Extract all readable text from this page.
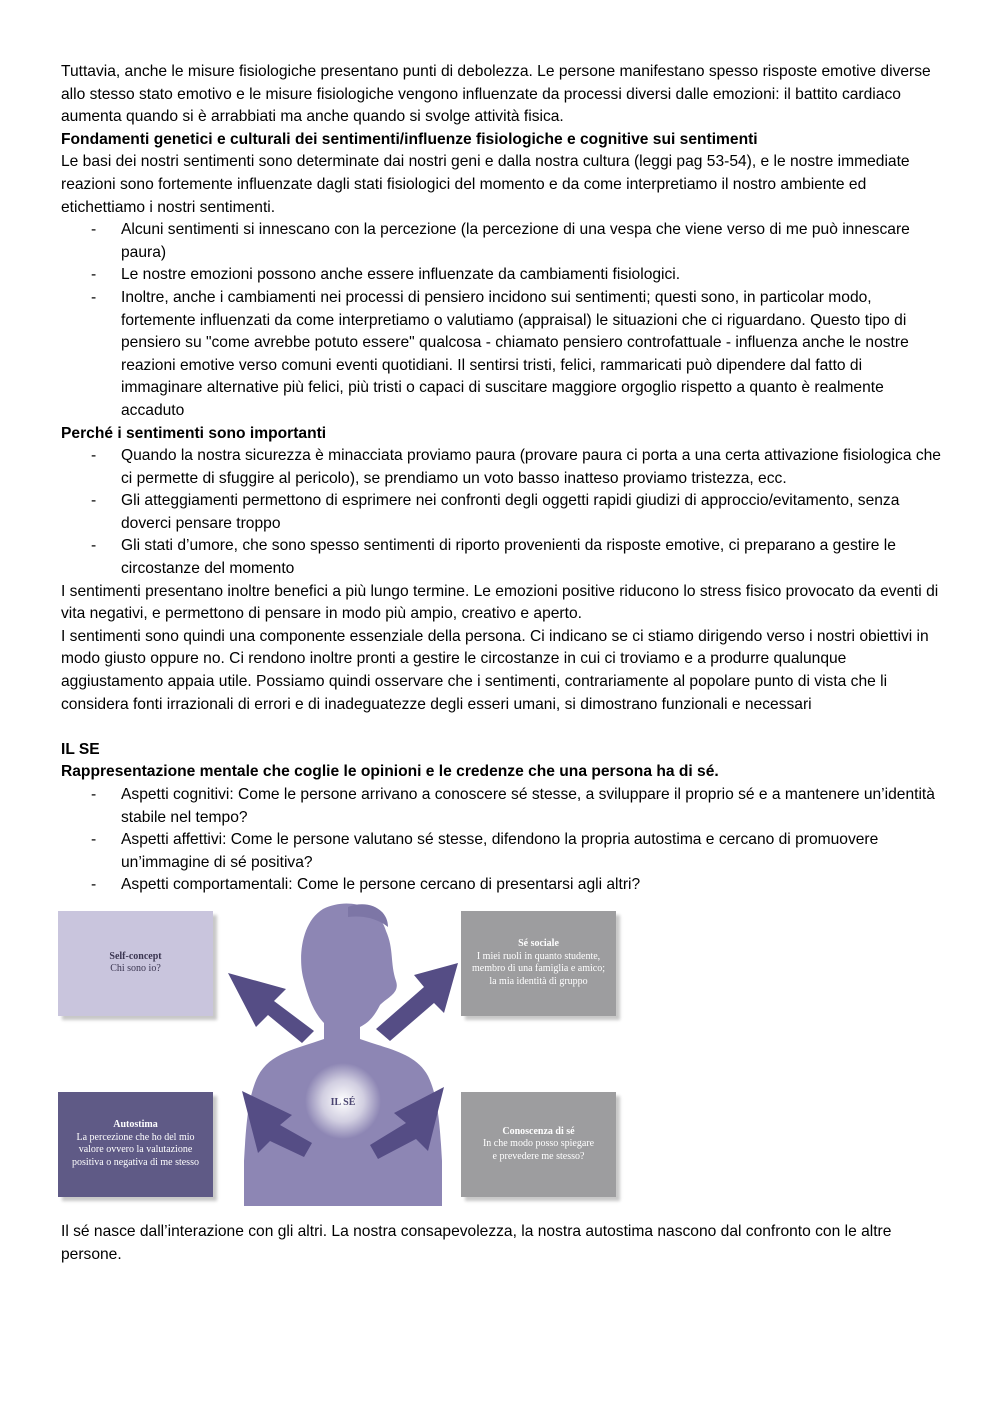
Tuttavia, anche le misure fisiologiche presentano punti di debolezza. Le persone manifestano spesso risposte emotive diverse allo stesso stato emotivo e le misure fisiologiche vengono influenzate da processi diversi dalle emozioni: il battito cardiaco aumenta quando si è arrabbiati ma anche quando si svolge attività fisica.

Fondamenti genetici e culturali dei sentimenti/influenze fisiologiche e cognitive sui sentimenti

Le basi dei nostri sentimenti sono determinate dai nostri geni e dalla nostra cultura (leggi pag 53-54), e le nostre immediate reazioni sono fortemente influenzate dagli stati fisiologici del momento e da come interpretiamo il nostro ambiente ed etichettiamo i nostri sentimenti.

- Alcuni sentimenti si innescano con la percezione (la percezione di una vespa che viene verso di me può innescare paura)
- Le nostre emozioni possono anche essere influenzate da cambiamenti fisiologici.
- Inoltre, anche i cambiamenti nei processi di pensiero incidono sui sentimenti; questi sono, in particolar modo, fortemente influenzati da come interpretiamo o valutiamo (appraisal) le situazioni che ci riguardano. Questo tipo di pensiero su "come avrebbe potuto essere" qualcosa - chiamato pensiero controfattuale - influenza anche le nostre reazioni emotive verso comuni eventi quotidiani. Il sentirsi tristi, felici, rammaricati può dipendere dal fatto di immaginare alternative più felici, più tristi o capaci di suscitare maggiore orgoglio rispetto a quanto è realmente accaduto

Perché i sentimenti sono importanti

- Quando la nostra sicurezza è minacciata proviamo paura (provare paura ci porta a una certa attivazione fisiologica che ci permette di sfuggire al pericolo), se prendiamo un voto basso inatteso proviamo tristezza, ecc.
- Gli atteggiamenti permettono di esprimere nei confronti degli oggetti rapidi giudizi di approccio/evitamento, senza doverci pensare troppo
- Gli stati d’umore, che sono spesso sentimenti di riporto provenienti da risposte emotive, ci preparano a gestire le circostanze del momento

I sentimenti presentano inoltre benefici a più lungo termine. Le emozioni positive riducono lo stress fisico provocato da eventi di vita negativi, e permettono di pensare in modo più ampio, creativo e aperto.

I sentimenti sono quindi una componente essenziale della persona. Ci indicano se ci stiamo dirigendo verso i nostri obiettivi in modo giusto oppure no. Ci rendono inoltre pronti a gestire le circostanze in cui ci troviamo e a produrre qualunque aggiustamento appaia utile. Possiamo quindi osservare che i sentimenti, contrariamente al popolare punto di vista che li considera fonti irrazionali di errori e di inadeguatezze degli esseri umani, si dimostrano funzionali e necessari

IL SE

Rappresentazione mentale che coglie le opinioni e le credenze che una persona ha di sé.

- Aspetti cognitivi: Come le persone arrivano a conoscere sé stesse, a sviluppare il proprio sé e a mantenere un’identità stabile nel tempo?
- Aspetti affettivi: Come le persone valutano sé stesse, difendono la propria autostima e cercano di promuovere un’immagine di sé positiva?
- Aspetti comportamentali: Come le persone cercano di presentarsi agli altri?
Self-concept
Chi sono io?
Sé sociale
I miei ruoli in quanto studente,
membro di una famiglia e amico;
la mia identità di gruppo
Autostima
La percezione che ho del mio
valore ovvero la valutazione
positiva o negativa di me stesso
Conoscenza di sé
In che modo posso spiegare
e prevedere me stesso?
IL SÉ

Il sé nasce dall’interazione con gli altri. La nostra consapevolezza, la nostra autostima nascono dal confronto con le altre persone.
